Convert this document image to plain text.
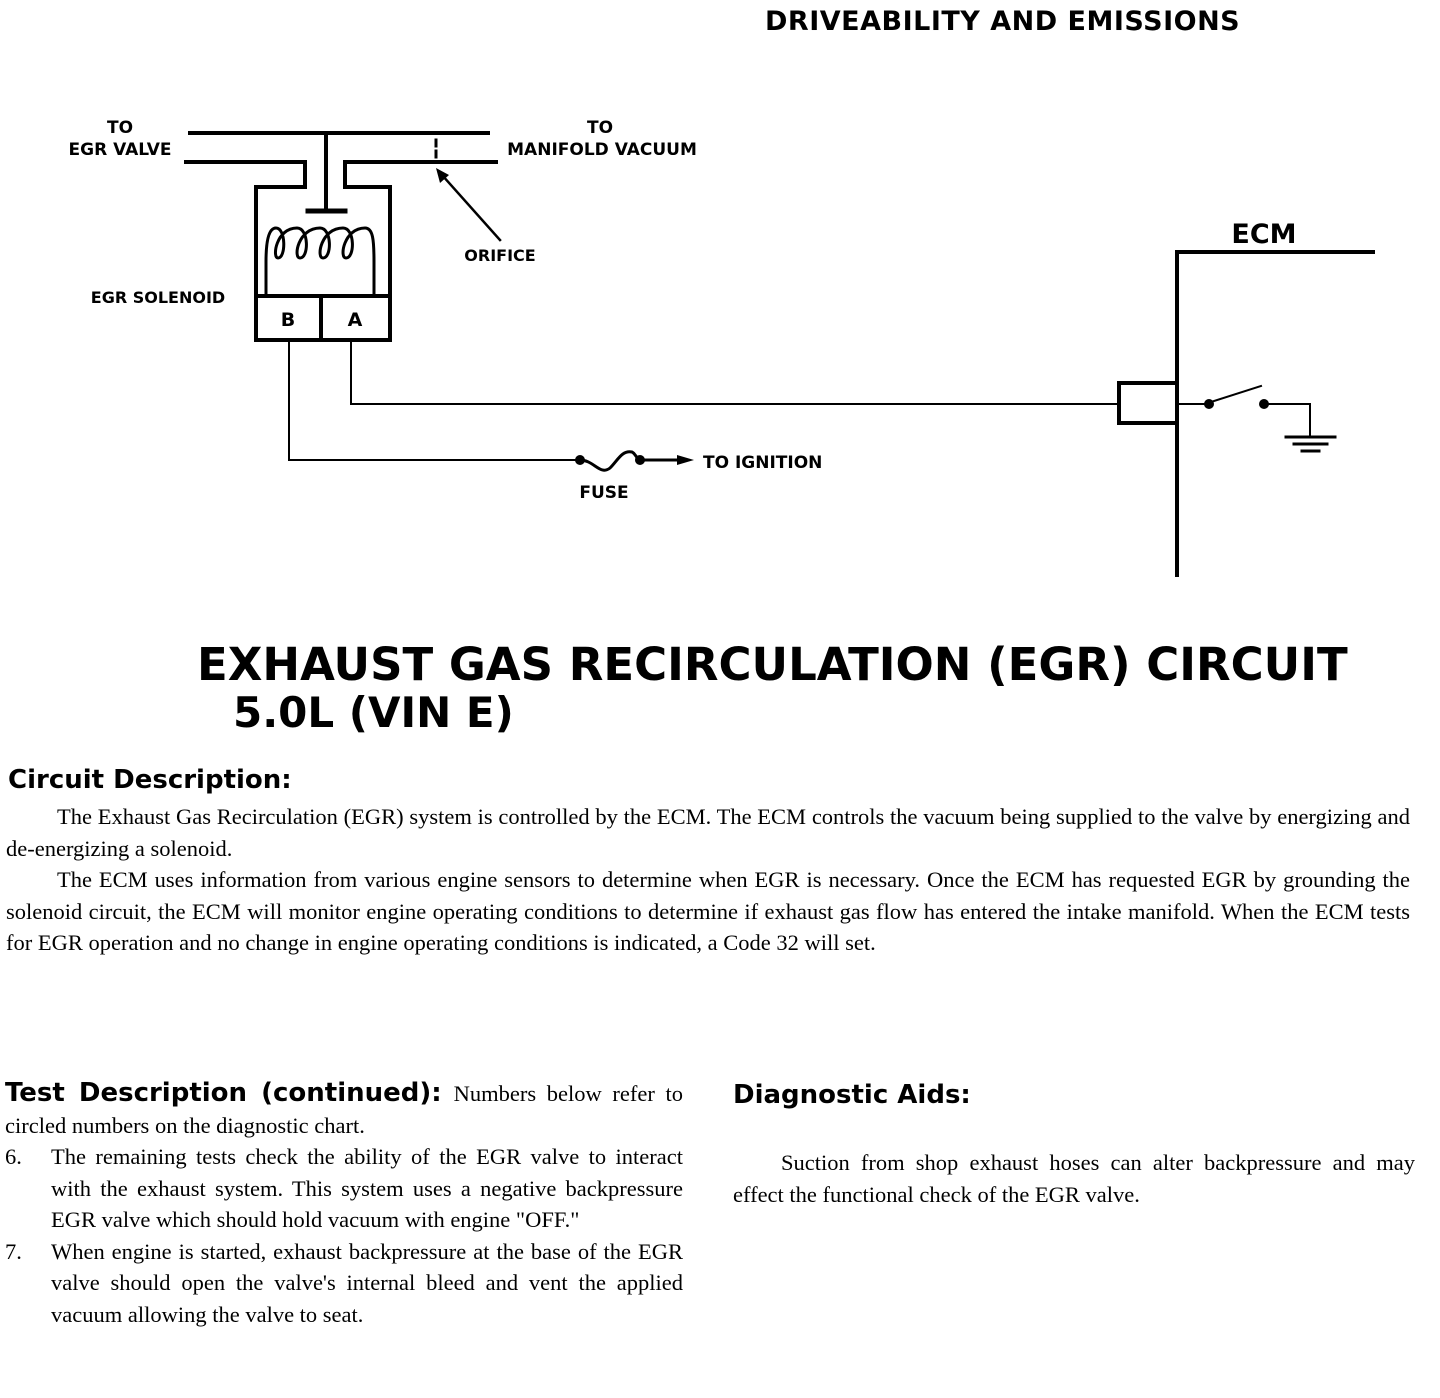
DRIVEABILITY AND EMISSIONS
TO
EGR VALVE
TO
MANIFOLD VACUUM
ORIFICE
EGR SOLENOID
B	A
ECM
TO IGNITION
FUSE
EXHAUST GAS RECIRCULATION (EGR) CIRCUIT
5.0L (VIN E)
Circuit Description:

The Exhaust Gas Recirculation (EGR) system is controlled by the ECM. The ECM controls the vacuum being supplied to the valve by energizing and de-energizing a solenoid.

The ECM uses information from various engine sensors to determine when EGR is necessary. Once the ECM has requested EGR by grounding the solenoid circuit, the ECM will monitor engine operating conditions to determine if exhaust gas flow has entered the intake manifold. When the ECM tests for EGR operation and no change in engine operating conditions is indicated, a Code 32 will set.

Test Description (continued): Numbers below refer to circled numbers on the diagnostic chart.

6. The remaining tests check the ability of the EGR valve to interact with the exhaust system. This system uses a negative backpressure EGR valve which should hold vacuum with engine "OFF."
7. When engine is started, exhaust backpressure at the base of the EGR valve should open the valve's internal bleed and vent the applied vacuum allowing the valve to seat.

Diagnostic Aids:

Suction from shop exhaust hoses can alter backpressure and may effect the functional check of the EGR valve.
